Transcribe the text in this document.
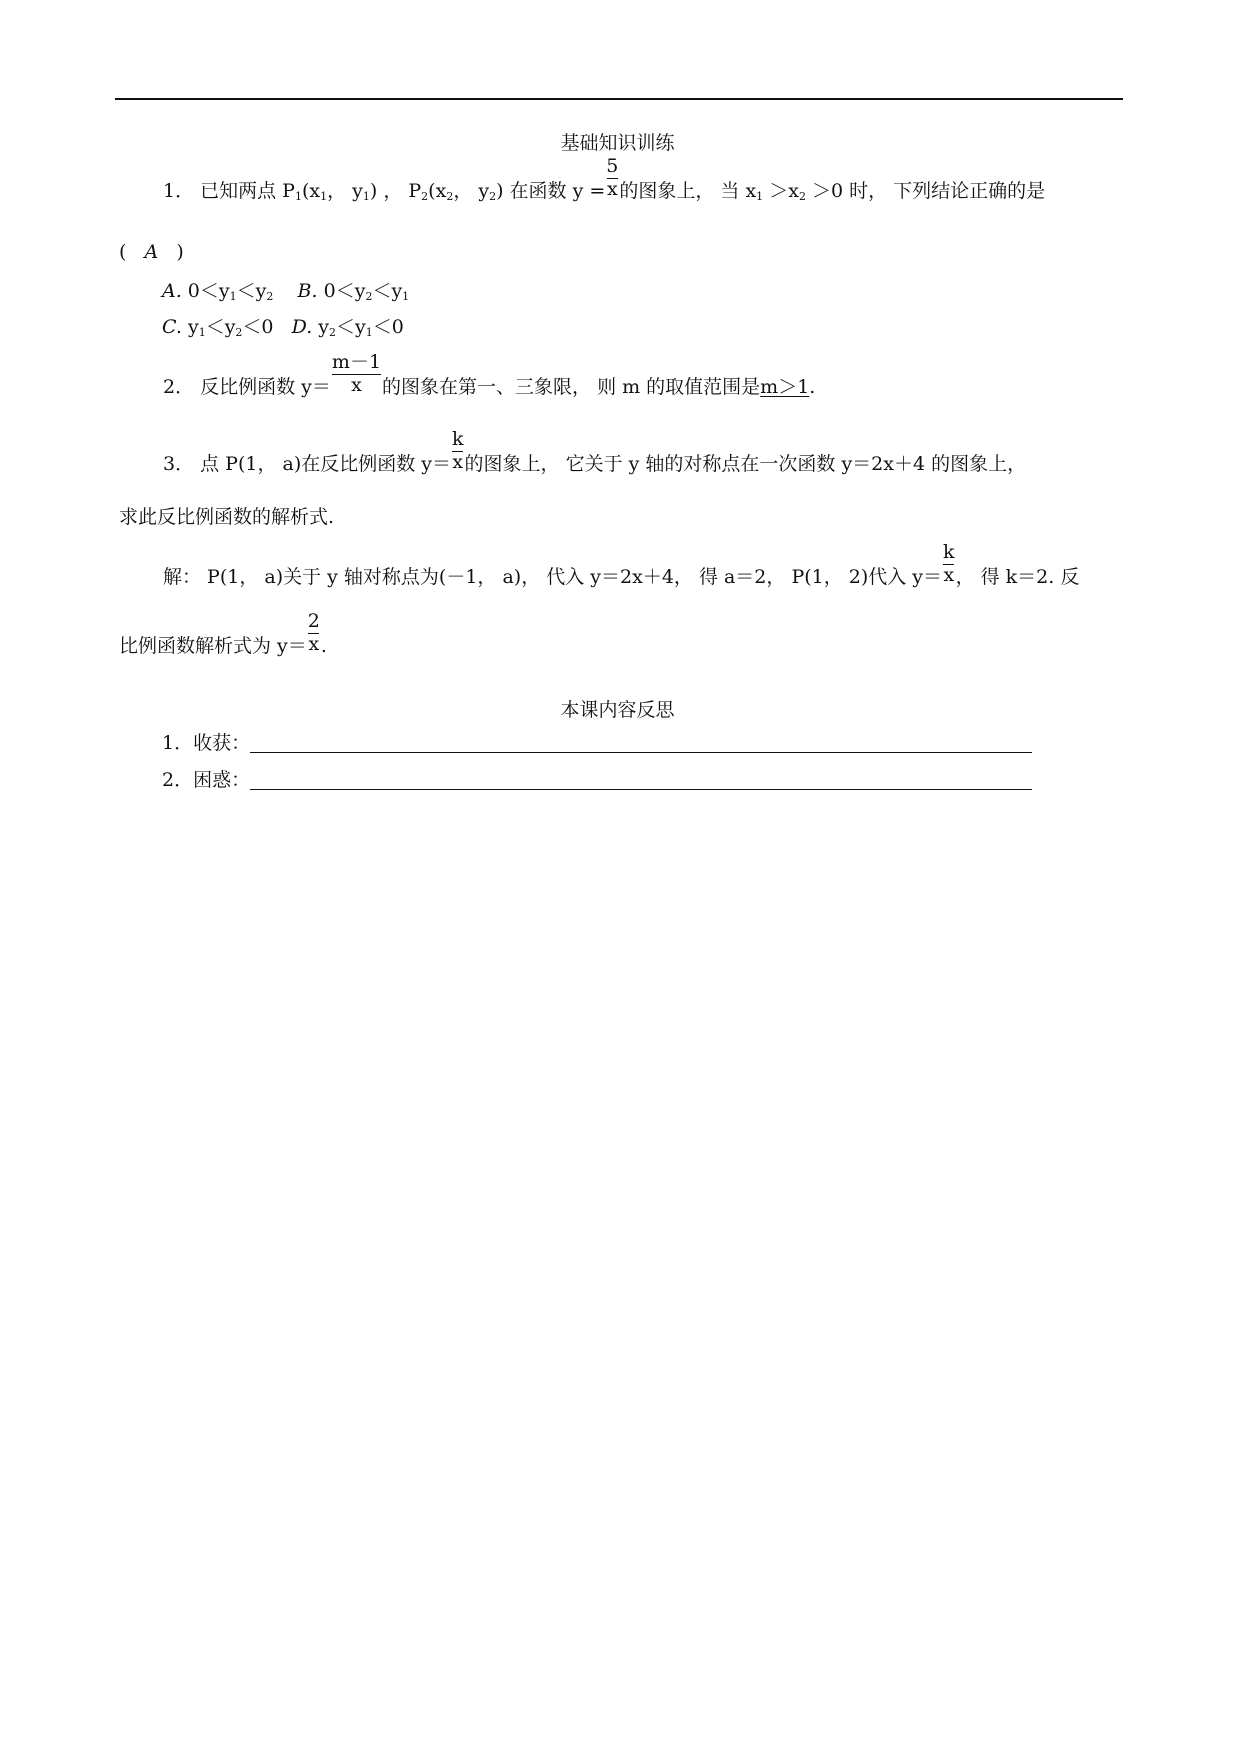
基础知识训练
1． 已知两点 $P_1(x_1$， $y_1$) ， $P_2(x_2$， $y_2$) 在函数 $y = \frac{5}{x}$ 的图象上， 当 $x_1 >x_2 >0$ 时， 下列结论正确的是
( A )
A. $0<y_1<y_2$ B. $0<y_2<y_1$
C. $y_1<y_2<0$ D. $y_2<y_1<0$
2． 反比例函数 $y= \frac{m-1}{x}$ 的图象在第一、三象限， 则 m 的取值范围是m＞1.
3． 点 P(1， a)在反比例函数 $y= \frac{k}{x}$ 的图象上， 它关于 y 轴的对称点在一次函数 y＝2x＋4 的图象上，
求此反比例函数的解析式.
解： P(1， a)关于 y 轴对称点为(－1， a)， 代入 y＝2x＋4， 得 a＝2， P(1， 2)代入 $y= \frac{k}{x}$ ， 得 k＝2. 反
比例函数解析式为 $y= \frac{2}{x}$ .
本课内容反思
1．收获：
2．困惑：
